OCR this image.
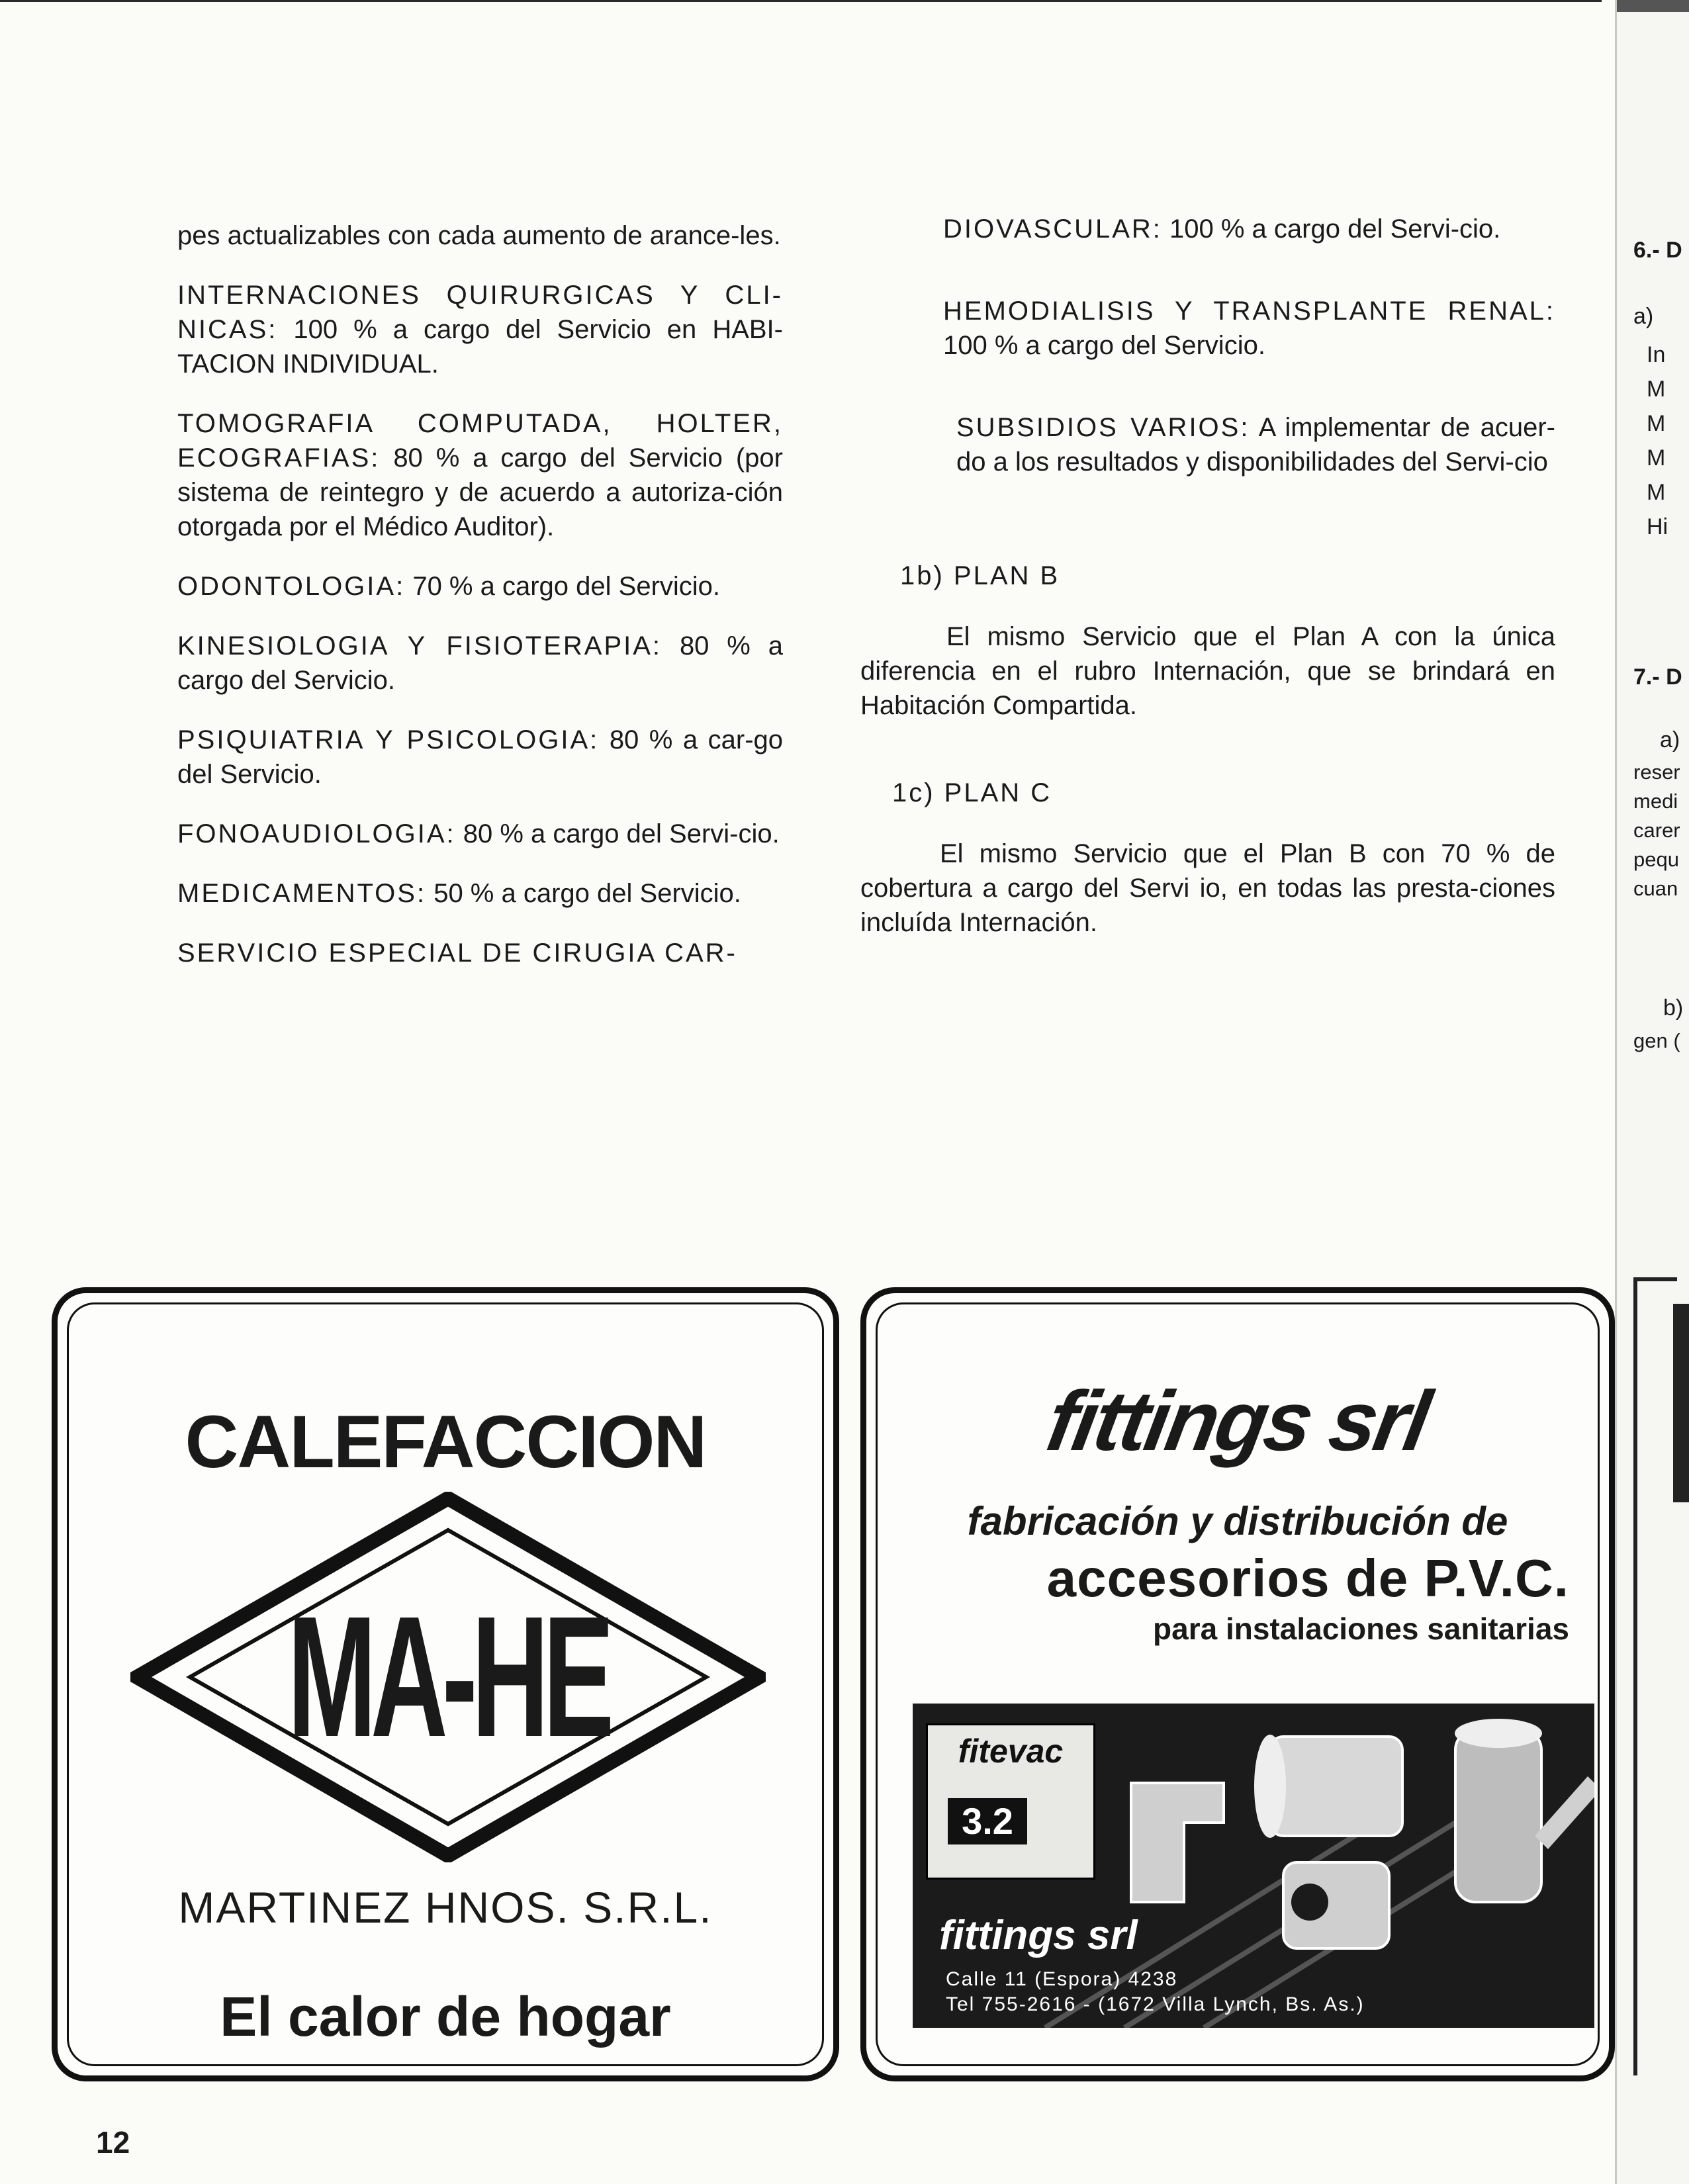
pes actualizables con cada aumento de arance-les.

INTERNACIONES QUIRURGICAS Y CLI-NICAS: 100 % a cargo del Servicio en HABI-TACION INDIVIDUAL.

TOMOGRAFIA COMPUTADA, HOLTER, ECOGRAFIAS: 80 % a cargo del Servicio (por sistema de reintegro y de acuerdo a autoriza-ción otorgada por el Médico Auditor).

ODONTOLOGIA: 70 % a cargo del Servicio.

KINESIOLOGIA Y FISIOTERAPIA: 80 % a cargo del Servicio.

PSIQUIATRIA Y PSICOLOGIA: 80 % a car-go del Servicio.

FONOAUDIOLOGIA: 80 % a cargo del Servi-cio.

MEDICAMENTOS: 50 % a cargo del Servicio.

SERVICIO ESPECIAL DE CIRUGIA CAR-

DIOVASCULAR: 100 % a cargo del Servi-cio.

HEMODIALISIS Y TRANSPLANTE RENAL: 100 % a cargo del Servicio.

SUBSIDIOS VARIOS: A implementar de acuer-do a los resultados y disponibilidades del Servi-cio

1b) PLAN B

El mismo Servicio que el Plan A con la única diferencia en el rubro Internación, que se brindará en Habitación Compartida.

1c) PLAN C

El mismo Servicio que el Plan B con 70 % de cobertura a cargo del Servi io, en todas las presta-ciones incluída Internación.

CALEFACCION
MA-HE
MARTINEZ HNOS. S.R.L.
El calor de hogar
fittings srl
fabricación y distribución de
accesorios de P.V.C.
para instalaciones sanitarias
fitevac
3.2
fittings srl
Calle 11 (Espora) 4238
Tel 755-2616 - (1672 Villa Lynch, Bs. As.)
12
6.- D
a)
In
M
M
M
M
Hi
7.- D
a)
reser
medi
carer
pequ
cuan
b)
gen (
